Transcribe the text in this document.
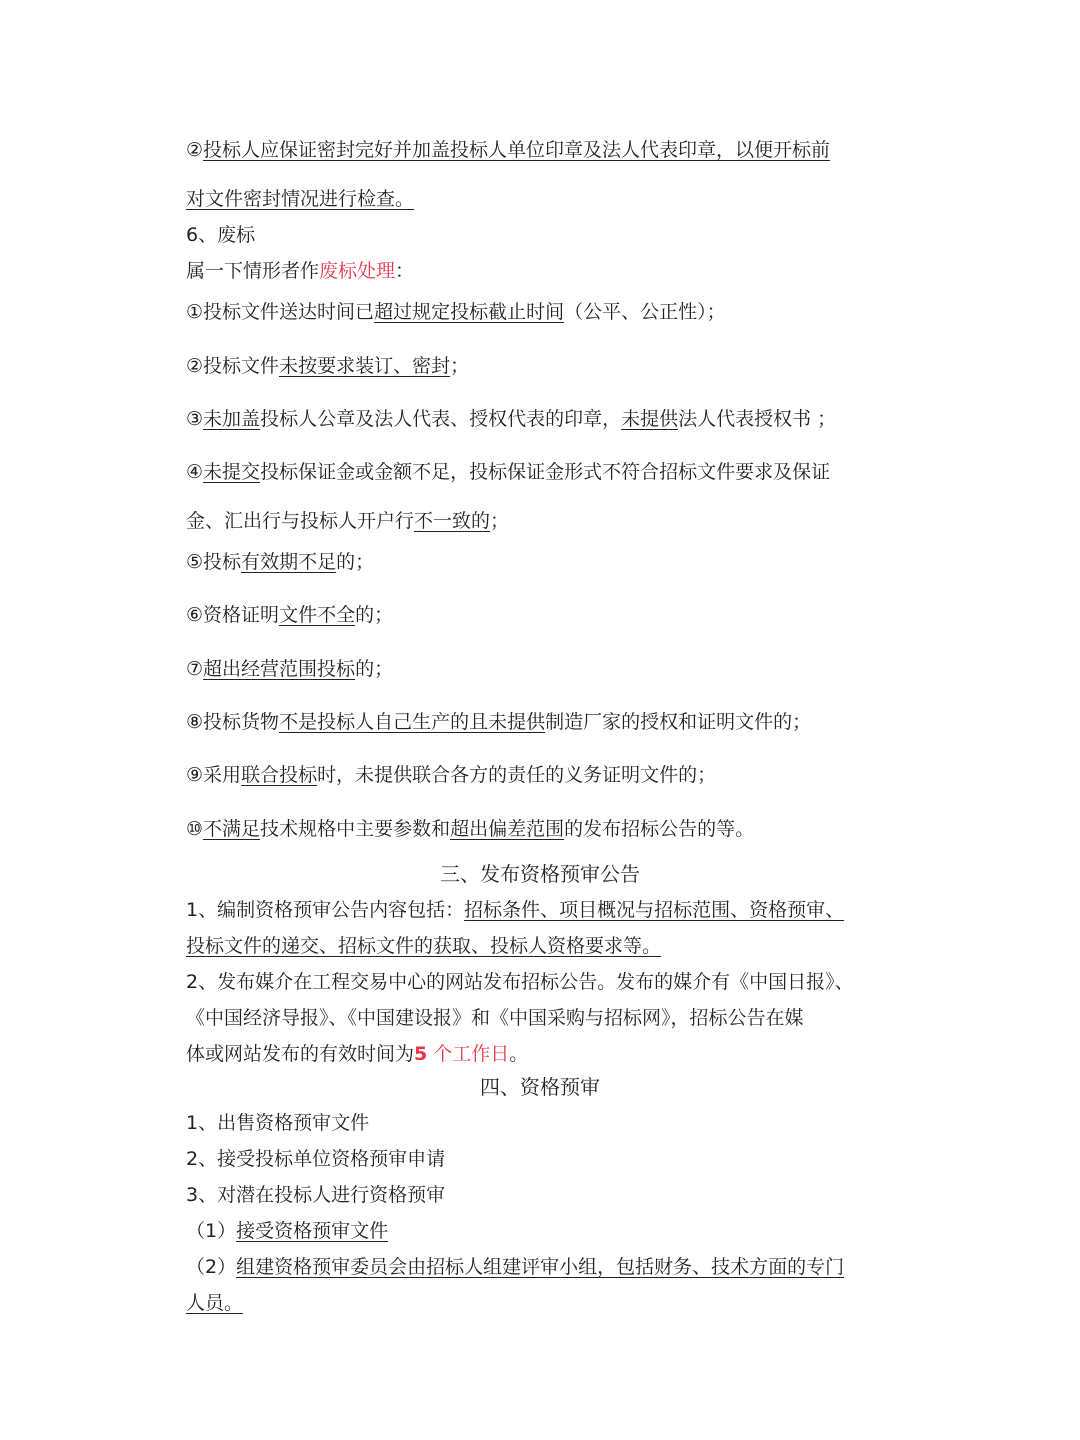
②投标人应保证密封完好并加盖投标人单位印章及法人代表印章，以便开标前
对文件密封情况进行检查。
6、废标
属一下情形者作废标处理：
①投标文件送达时间已超过规定投标截止时间（公平、公正性）；
②投标文件未按要求装订、密封；
③未加盖投标人公章及法人代表、授权代表的印章，未提供法人代表授权书 ；
④未提交投标保证金或金额不足，投标保证金形式不符合招标文件要求及保证
金、汇出行与投标人开户行不一致的；
⑤投标有效期不足的；
⑥资格证明文件不全的；
⑦超出经营范围投标的；
⑧投标货物不是投标人自己生产的且未提供制造厂家的授权和证明文件的；
⑨采用联合投标时，未提供联合各方的责任的义务证明文件的；
⑩不满足技术规格中主要参数和超出偏差范围的发布招标公告的等。
三、发布资格预审公告
1、编制资格预审公告内容包括：招标条件、项目概况与招标范围、资格预审、
投标文件的递交、招标文件的获取、投标人资格要求等。
2、发布媒介在工程交易中心的网站发布招标公告。发布的媒介有《中国日报》、
《中国经济导报》、《中国建设报》和《中国采购与招标网》，招标公告在媒
体或网站发布的有效时间为5 个工作日。
四、资格预审
1、出售资格预审文件
2、接受投标单位资格预审申请
3、对潜在投标人进行资格预审
（1）接受资格预审文件
（2）组建资格预审委员会由招标人组建评审小组，包括财务、技术方面的专门
人员。
